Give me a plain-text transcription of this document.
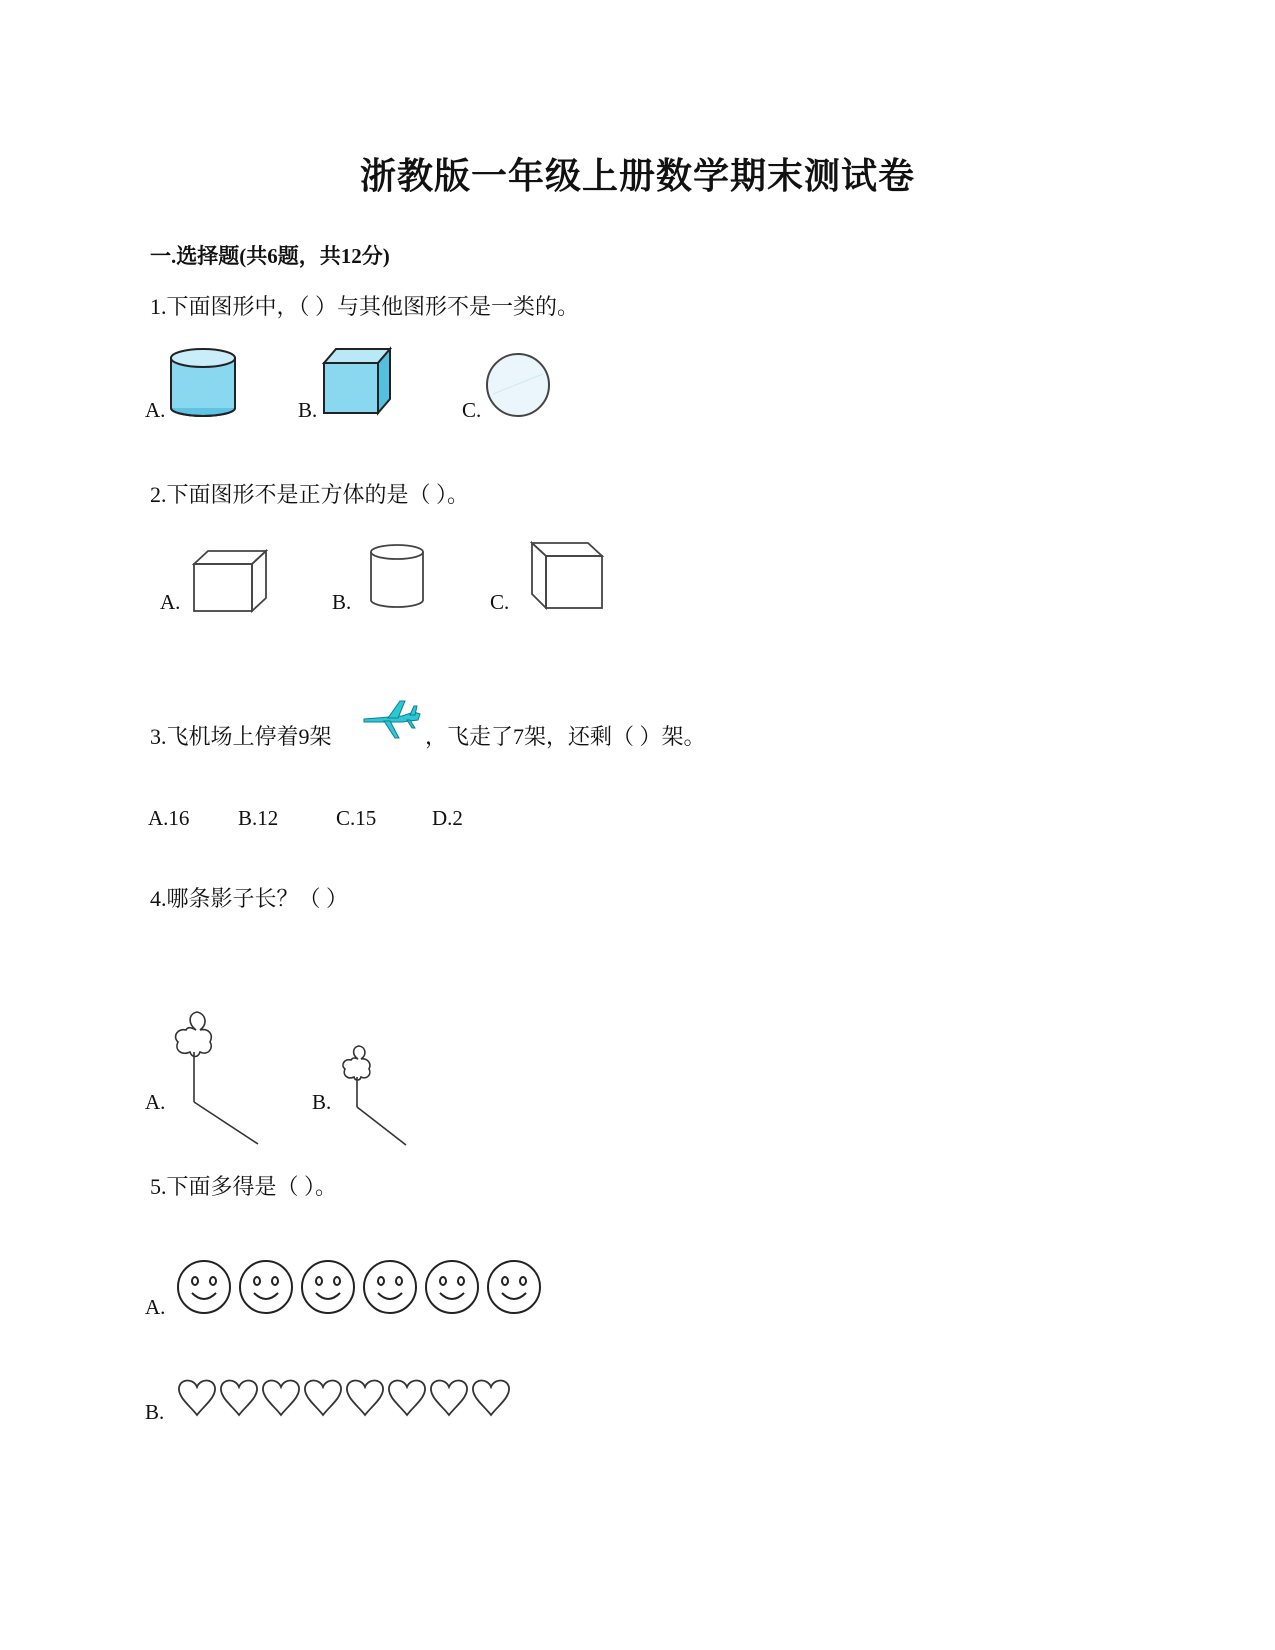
浙教版一年级上册数学期末测试卷
一.选择题(共6题，共12分)
1.下面图形中，（ ）与其他图形不是一类的。
A.	B.	C.
2.下面图形不是正方体的是（ ）。
A.	B.	C.
3.飞机场上停着9架	，飞走了7架，还剩（ ）架。
A.16 B.12	C.15	D.2
4.哪条影子长？（ ）
A.	B.
5.下面多得是（ ）。
A.
B.
